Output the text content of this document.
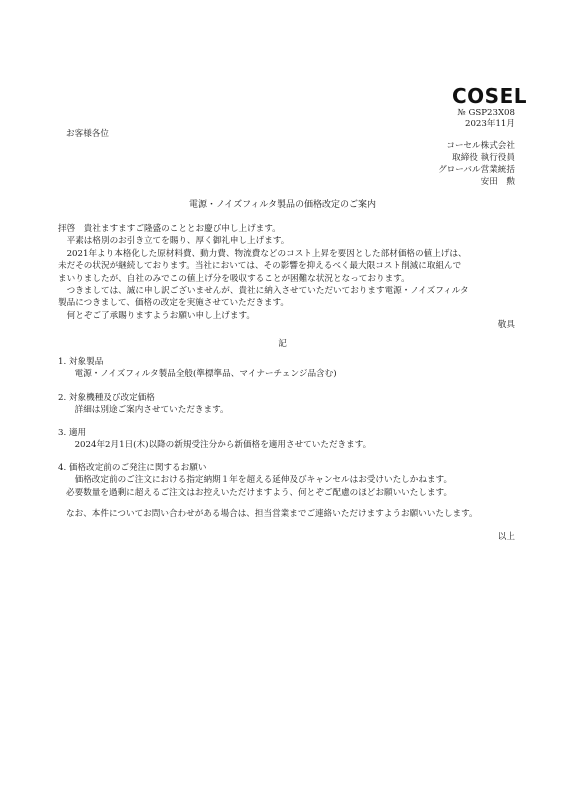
COSEL
№ GSP23X08
2023年11月
お客様各位
コーセル株式会社
取締役 執行役員
グローバル営業統括
安田　勲
電源・ノイズフィルタ製品の価格改定のご案内
拝啓　貴社ますますご隆盛のこととお慶び申し上げます。
　平素は格別のお引き立てを賜り、厚く御礼申し上げます。
　2021年より本格化した原材料費、動力費、物流費などのコスト上昇を要因とした部材価格の値上げは、
未だその状況が継続しております。当社においては、その影響を抑えるべく最大限コスト削減に取組んで
まいりましたが、自社のみでこの値上げ分を吸収することが困難な状況となっております。
　つきましては、誠に申し訳ございませんが、貴社に納入させていただいております電源・ノイズフィルタ
製品につきまして、価格の改定を実施させていただきます。
　何とぞご了承賜りますようお願い申し上げます。
敬具
記
1. 対象製品
　電源・ノイズフィルタ製品全般(準標準品、マイナーチェンジ品含む)
2. 対象機種及び改定価格
　詳細は別途ご案内させていただきます。
3. 適用
　2024年2月1日(木)以降の新規受注分から新価格を適用させていただきます。
4. 価格改定前のご発注に関するお願い
　価格改定前のご注文における指定納期１年を超える延伸及びキャンセルはお受けいたしかねます。
必要数量を過剰に超えるご注文はお控えいただけますよう、何とぞご配慮のほどお願いいたします。
なお、本件についてお問い合わせがある場合は、担当営業までご連絡いただけますようお願いいたします。
以上
